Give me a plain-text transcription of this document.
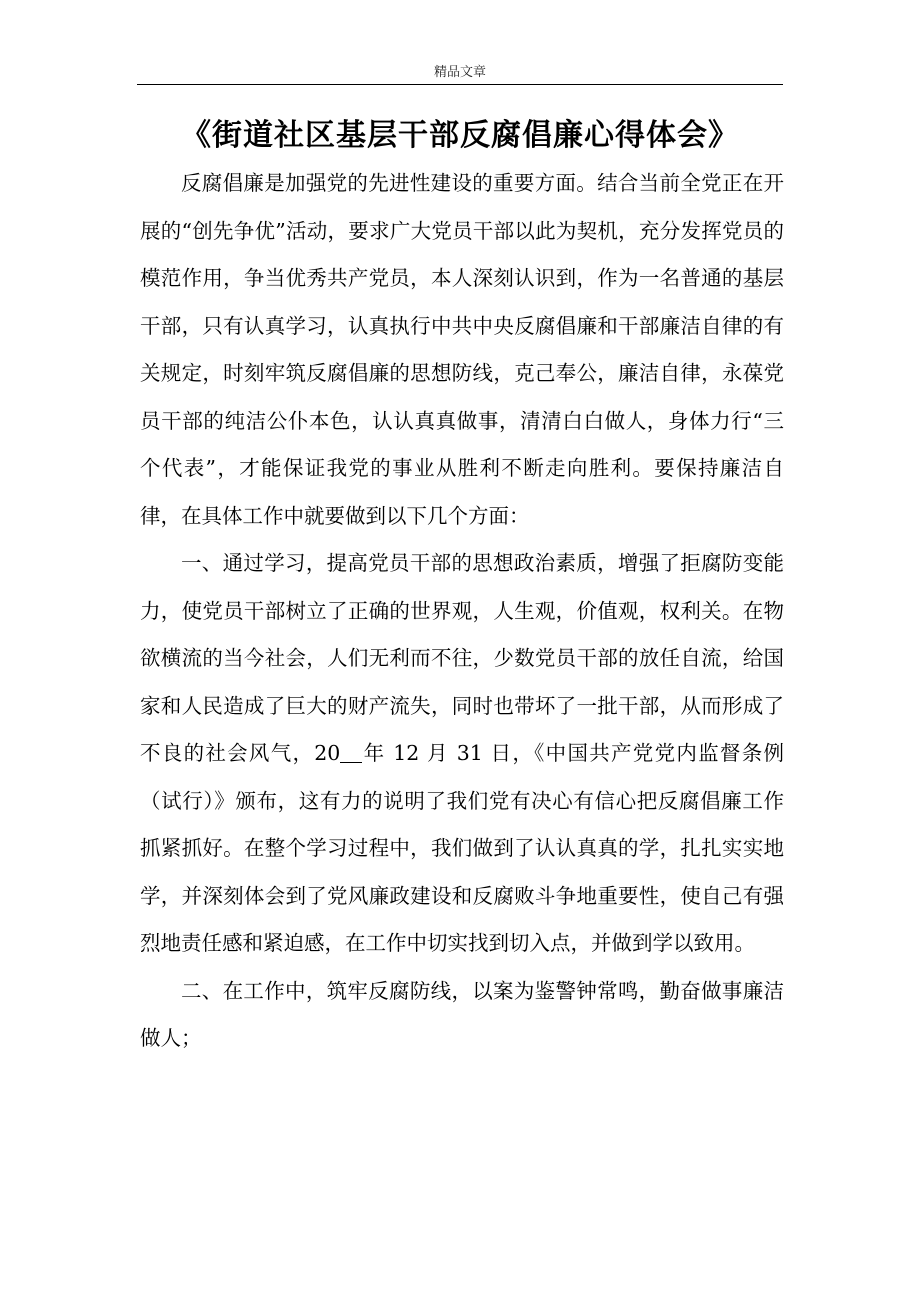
精品文章
《街道社区基层干部反腐倡廉心得体会》

反腐倡廉是加强党的先进性建设的重要方面。结合当前全党正在开展的“创先争优”活动，要求广大党员干部以此为契机，充分发挥党员的模范作用，争当优秀共产党员，本人深刻认识到，作为一名普通的基层干部，只有认真学习，认真执行中共中央反腐倡廉和干部廉洁自律的有关规定，时刻牢筑反腐倡廉的思想防线，克己奉公，廉洁自律，永葆党员干部的纯洁公仆本色，认认真真做事，清清白白做人，身体力行“三个代表”，才能保证我党的事业从胜利不断走向胜利。要保持廉洁自律，在具体工作中就要做到以下几个方面：

一、通过学习，提高党员干部的思想政治素质，增强了拒腐防变能力，使党员干部树立了正确的世界观，人生观，价值观，权利关。在物欲横流的当今社会，人们无利而不往，少数党员干部的放任自流，给国家和人民造成了巨大的财产流失，同时也带坏了一批干部，从而形成了不良的社会风气，20 年 12 月 31 日，《中国共产党党内监督条例（试行）》颁布，这有力的说明了我们党有决心有信心把反腐倡廉工作抓紧抓好。在整个学习过程中，我们做到了认认真真的学，扎扎实实地学，并深刻体会到了党风廉政建设和反腐败斗争地重要性，使自己有强烈地责任感和紧迫感，在工作中切实找到切入点，并做到学以致用。

二、在工作中，筑牢反腐防线，以案为鉴警钟常鸣，勤奋做事廉洁做人；
